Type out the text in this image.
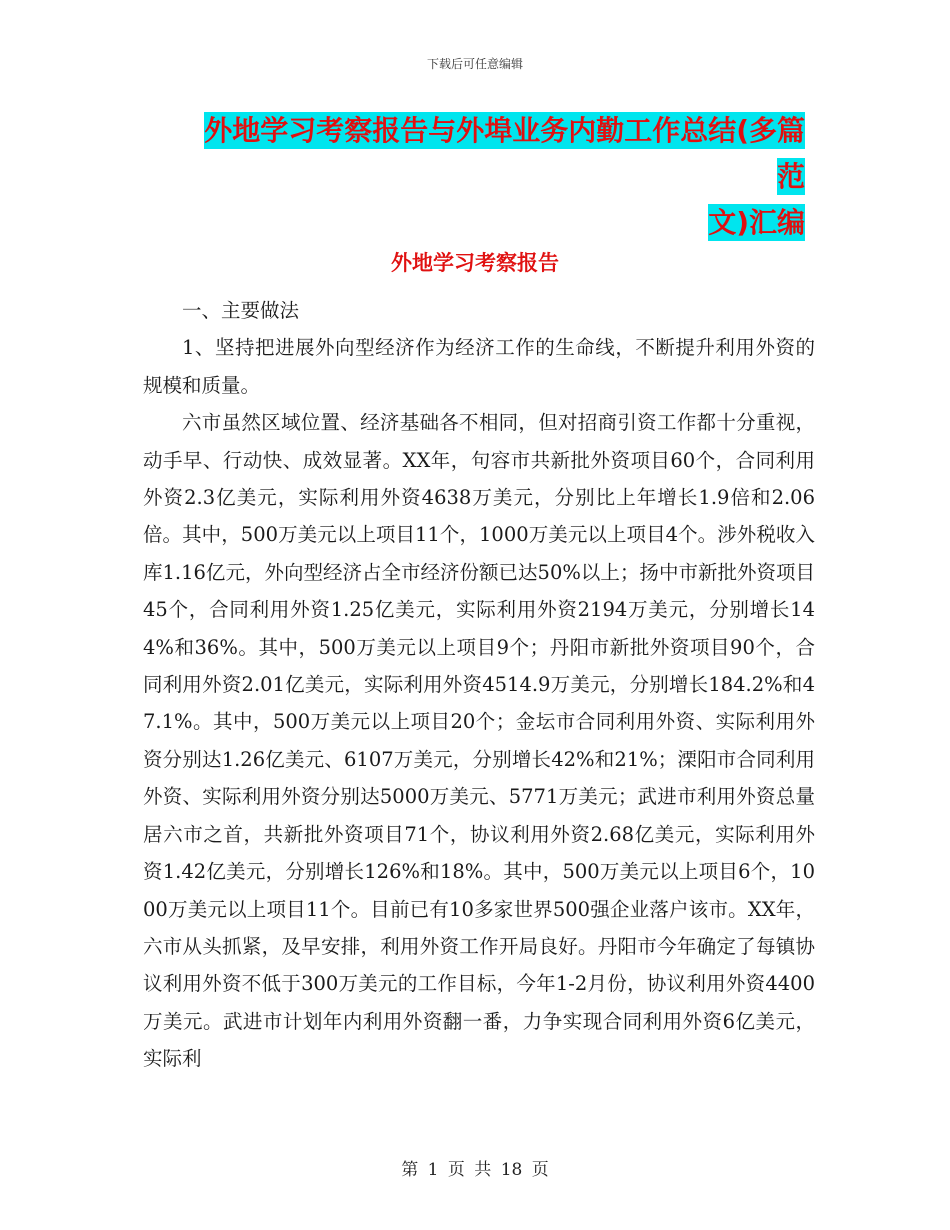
下载后可任意编辑
外地学习考察报告与外埠业务内勤工作总结(多篇范
文)汇编
外地学习考察报告

一、主要做法

1、坚持把进展外向型经济作为经济工作的生命线，不断提升利用外资的规模和质量。

六市虽然区域位置、经济基础各不相同，但对招商引资工作都十分重视，动手早、行动快、成效显著。XX年，句容市共新批外资项目60个，合同利用外资2.3亿美元，实际利用外资4638万美元，分别比上年增长1.9倍和2.06倍。其中，500万美元以上项目11个，1000万美元以上项目4个。涉外税收入库1.16亿元，外向型经济占全市经济份额已达50%以上；扬中市新批外资项目45个，合同利用外资1.25亿美元，实际利用外资2194万美元，分别增长144%和36%。其中，500万美元以上项目9个；丹阳市新批外资项目90个，合同利用外资2.01亿美元，实际利用外资4514.9万美元，分别增长184.2%和47.1%。其中，500万美元以上项目20个；金坛市合同利用外资、实际利用外资分别达1.26亿美元、6107万美元，分别增长42%和21%；溧阳市合同利用外资、实际利用外资分别达5000万美元、5771万美元；武进市利用外资总量居六市之首，共新批外资项目71个，协议利用外资2.68亿美元，实际利用外资1.42亿美元，分别增长126%和18%。其中，500万美元以上项目6个，1000万美元以上项目11个。目前已有10多家世界500强企业落户该市。XX年，六市从头抓紧，及早安排，利用外资工作开局良好。丹阳市今年确定了每镇协议利用外资不低于300万美元的工作目标，今年1-2月份，协议利用外资4400万美元。武进市计划年内利用外资翻一番，力争实现合同利用外资6亿美元，实际利

第 1 页 共 18 页
